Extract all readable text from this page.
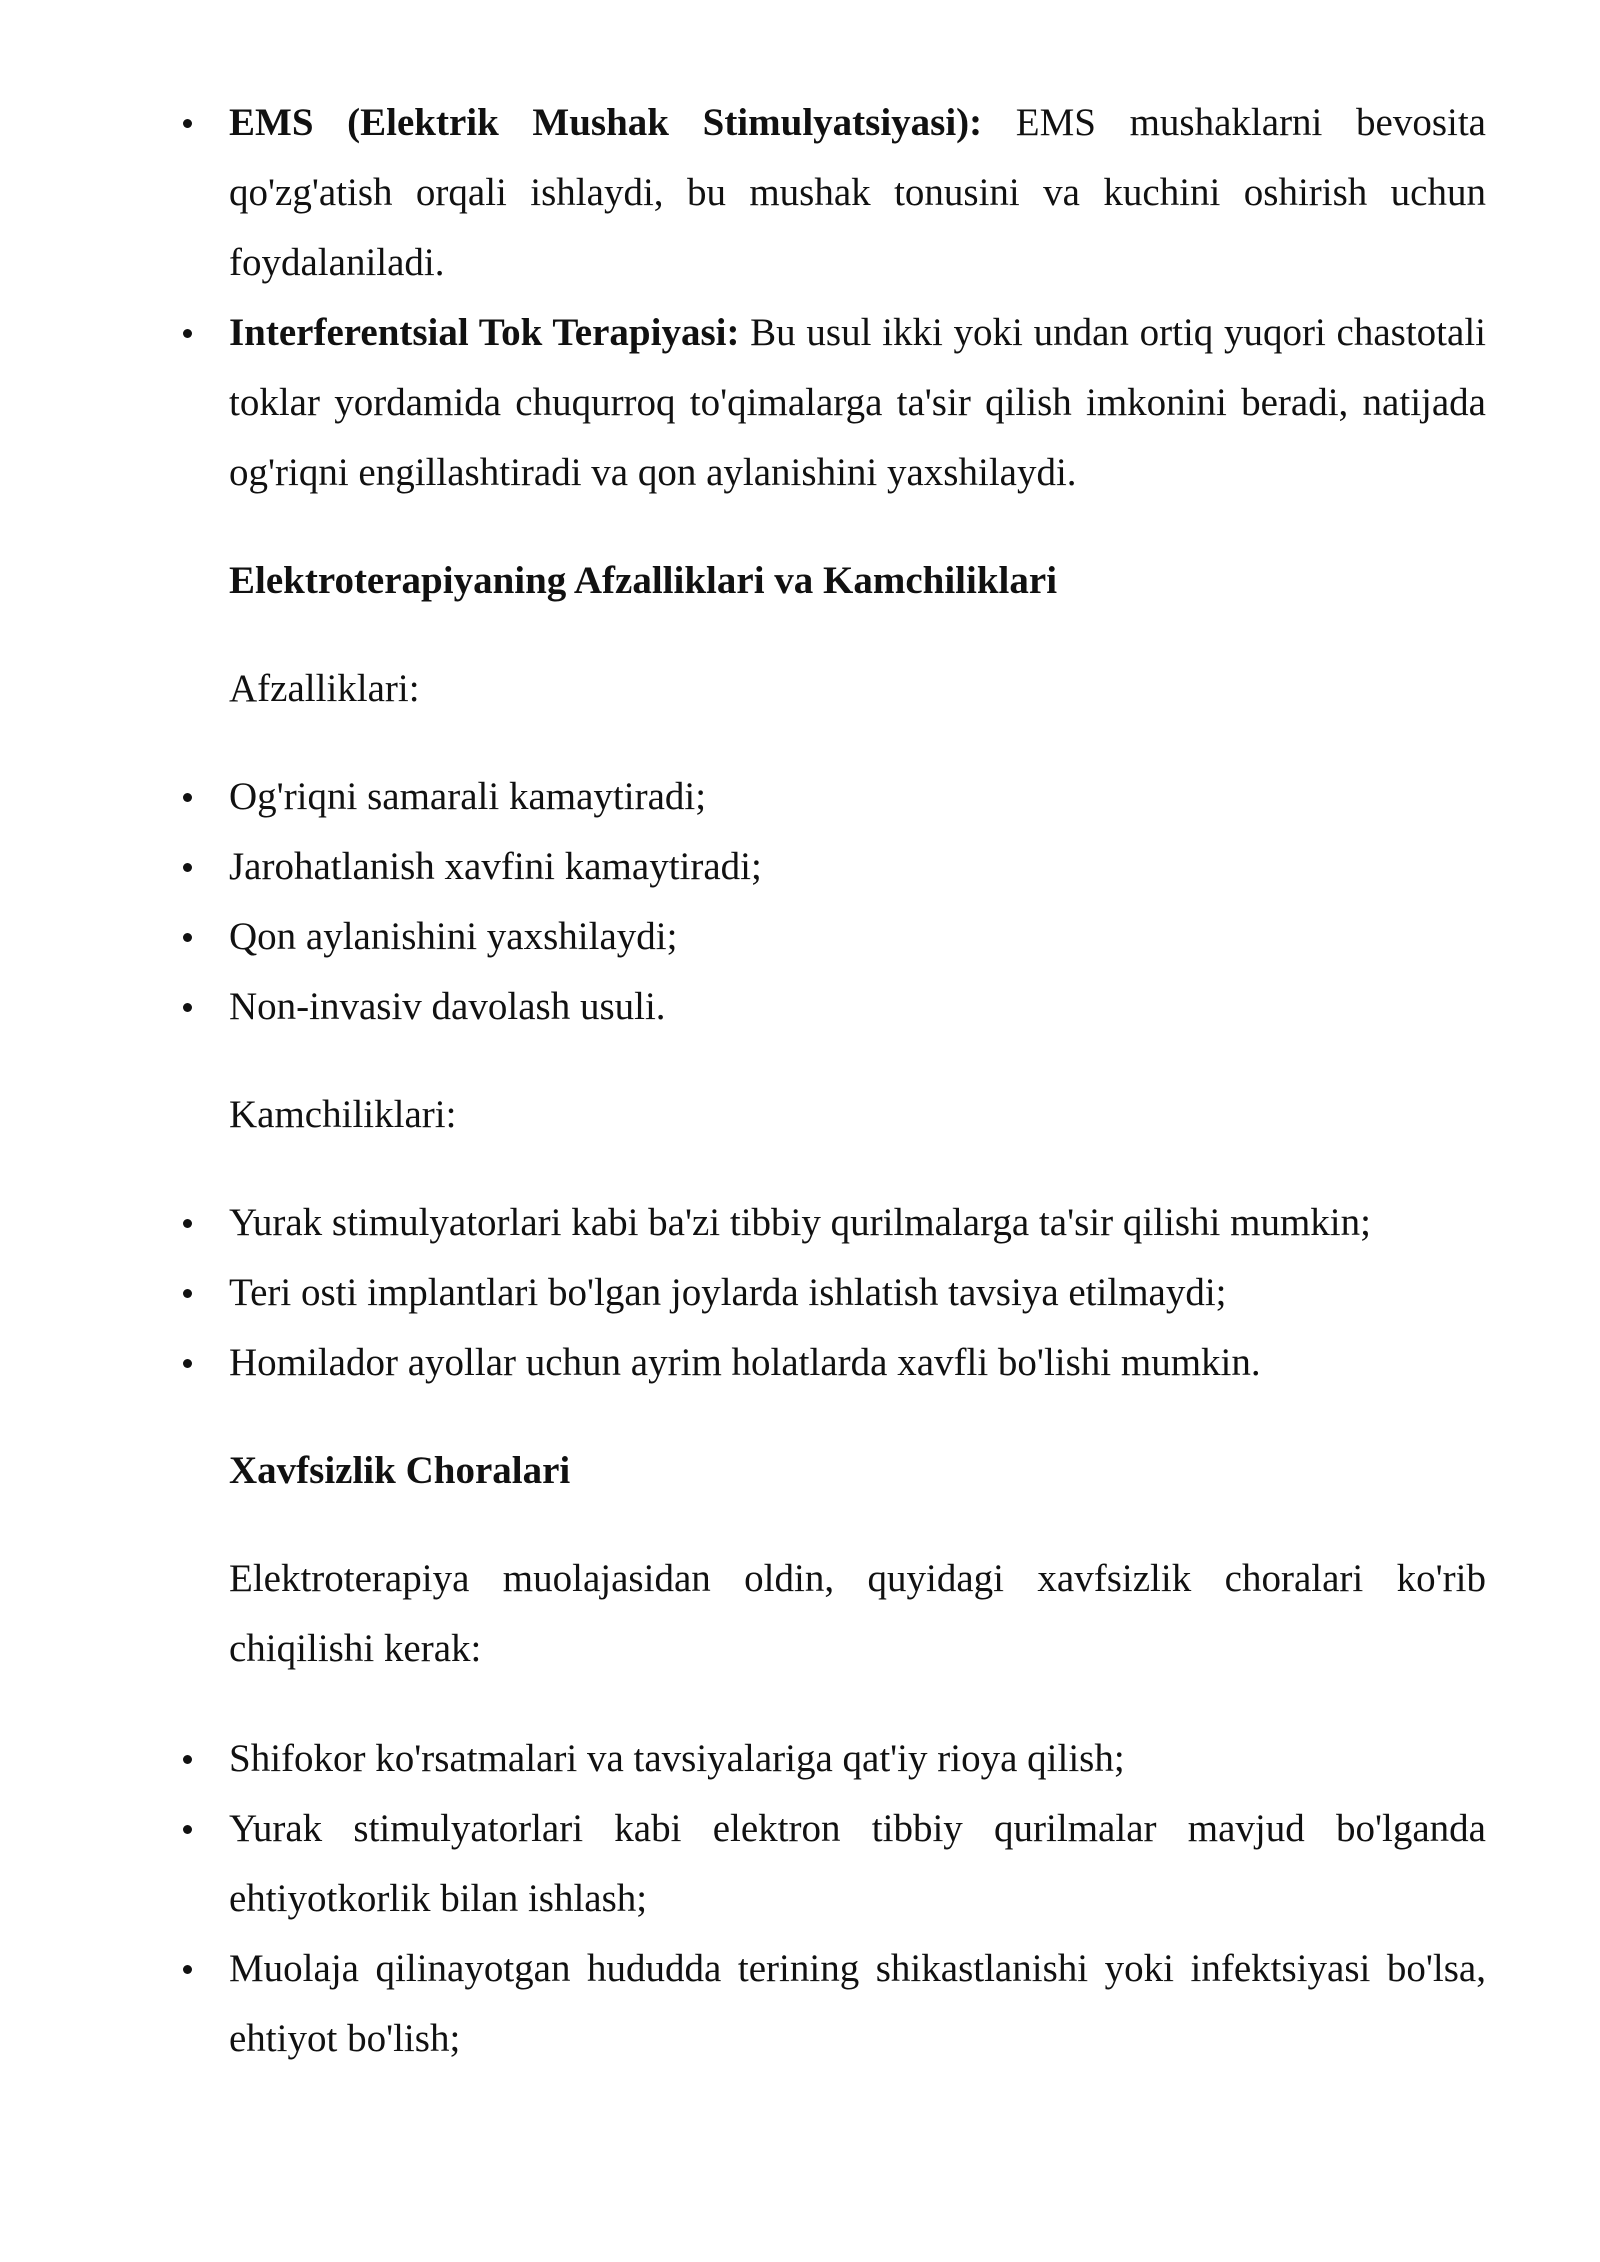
EMS (Elektrik Mushak Stimulyatsiyasi): EMS mushaklarni bevosita qo'zg'atish orqali ishlaydi, bu mushak tonusini va kuchini oshirish uchun foydalaniladi.
Interferentsial Tok Terapiyasi: Bu usul ikki yoki undan ortiq yuqori chastotali toklar yordamida chuqurroq to'qimalarga ta'sir qilish imkonini beradi, natijada og'riqni engillashtiradi va qon aylanishini yaxshilaydi.

Elektroterapiyaning Afzalliklari va Kamchiliklari

Afzalliklari:

Og'riqni samarali kamaytiradi;
Jarohatlanish xavfini kamaytiradi;
Qon aylanishini yaxshilaydi;
Non-invasiv davolash usuli.

Kamchiliklari:

Yurak stimulyatorlari kabi ba'zi tibbiy qurilmalarga ta'sir qilishi mumkin;
Teri osti implantlari bo'lgan joylarda ishlatish tavsiya etilmaydi;
Homilador ayollar uchun ayrim holatlarda xavfli bo'lishi mumkin.

Xavfsizlik Choralari

Elektroterapiya muolajasidan oldin, quyidagi xavfsizlik choralari ko'rib chiqilishi kerak:

Shifokor ko'rsatmalari va tavsiyalariga qat'iy rioya qilish;
Yurak stimulyatorlari kabi elektron tibbiy qurilmalar mavjud bo'lganda ehtiyotkorlik bilan ishlash;
Muolaja qilinayotgan hududda terining shikastlanishi yoki infektsiyasi bo'lsa, ehtiyot bo'lish;
